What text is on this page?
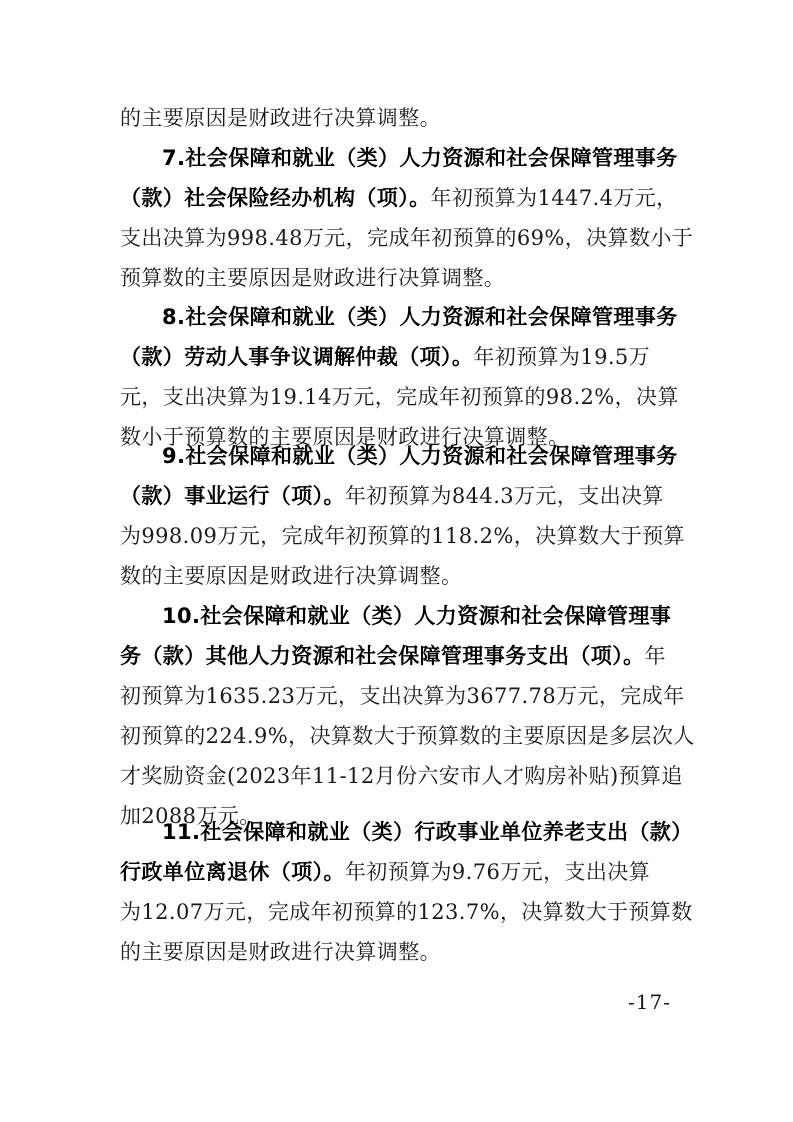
的主要原因是财政进行决算调整。
7.社会保障和就业（类）人力资源和社会保障管理事务
（款）社会保险经办机构（项）。年初预算为1447.4万元，
支出决算为998.48万元，完成年初预算的69%，决算数小于
预算数的主要原因是财政进行决算调整。
8.社会保障和就业（类）人力资源和社会保障管理事务
（款）劳动人事争议调解仲裁（项）。年初预算为19.5万
元，支出决算为19.14万元，完成年初预算的98.2%，决算
数小于预算数的主要原因是财政进行决算调整。
9.社会保障和就业（类）人力资源和社会保障管理事务
（款）事业运行（项）。年初预算为844.3万元，支出决算
为998.09万元，完成年初预算的118.2%，决算数大于预算
数的主要原因是财政进行决算调整。
10.社会保障和就业（类）人力资源和社会保障管理事
务（款）其他人力资源和社会保障管理事务支出（项）。年
初预算为1635.23万元，支出决算为3677.78万元，完成年
初预算的224.9%，决算数大于预算数的主要原因是多层次人
才奖励资金(2023年11-12月份六安市人才购房补贴)预算追
加2088万元。
11.社会保障和就业（类）行政事业单位养老支出（款）
行政单位离退休（项）。年初预算为9.76万元，支出决算
为12.07万元，完成年初预算的123.7%，决算数大于预算数
的主要原因是财政进行决算调整。
-17-
